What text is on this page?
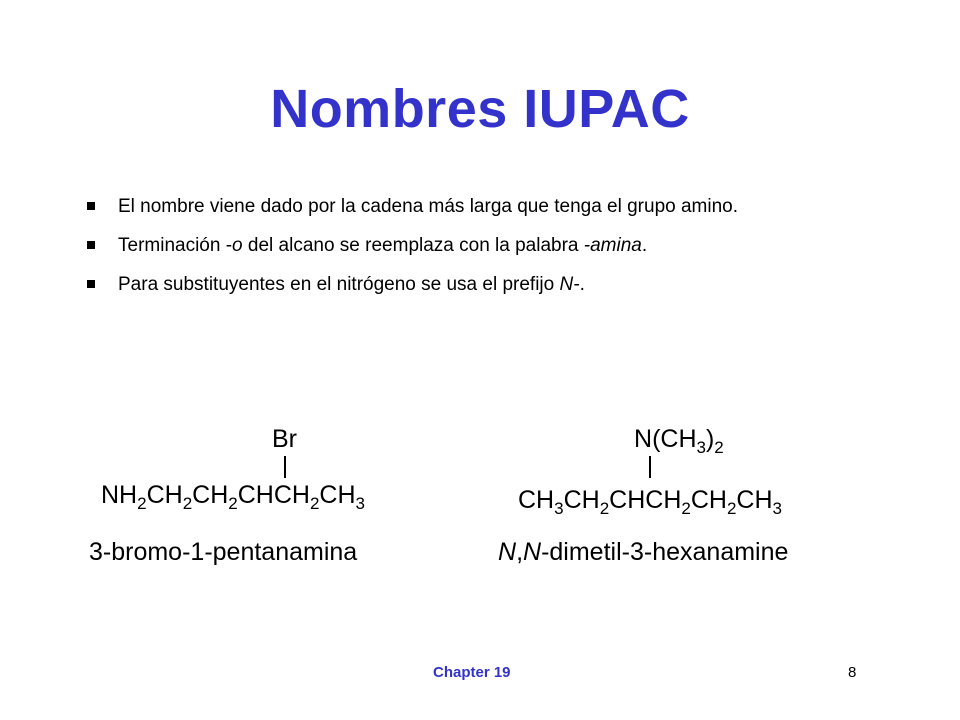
Nombres IUPAC
El nombre viene dado por la cadena más larga que tenga el grupo amino.
Terminación -o del alcano se reemplaza con la palabra -amina.
Para substituyentes en el nitrógeno se usa el prefijo N-.
Br
$NH_2CH_2CH_2CHCH_2CH_3$
3-bromo-1-pentanamina
$N(CH_3)_2$
$CH_3CH_2CHCH_2CH_2CH_3$
N,N-dimetil-3-hexanamine
Chapter 19	8
